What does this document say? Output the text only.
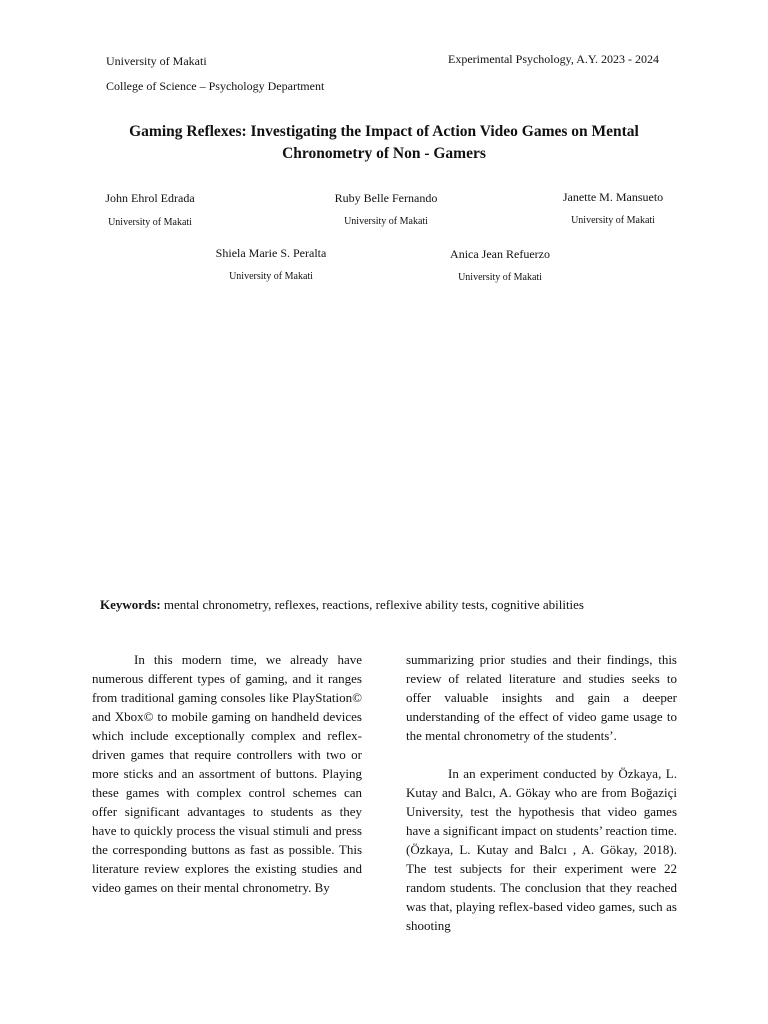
University of Makati
College of Science – Psychology Department
Experimental Psychology, A.Y. 2023 - 2024
Gaming Reflexes: Investigating the Impact of Action Video Games on Mental
Chronometry of Non - Gamers
John Ehrol Edrada
University of Makati
Ruby Belle Fernando
University of Makati
Janette M. Mansueto
University of Makati
Shiela Marie S. Peralta
University of Makati
Anica Jean Refuerzo
University of Makati
Keywords: mental chronometry, reflexes, reactions, reflexive ability tests, cognitive abilities

In this modern time, we already have numerous different types of gaming, and it ranges from traditional gaming consoles like PlayStation© and Xbox© to mobile gaming on handheld devices which include exceptionally complex and reflex-driven games that require controllers with two or more sticks and an assortment of buttons. Playing these games with complex control schemes can offer significant advantages to students as they have to quickly process the visual stimuli and press the corresponding buttons as fast as possible. This literature review explores the existing studies and video games on their mental chronometry. By

summarizing prior studies and their findings, this review of related literature and studies seeks to offer valuable insights and gain a deeper understanding of the effect of video game usage to the mental chronometry of the students’.

In an experiment conducted by Özkaya, L. Kutay and Balcı, A. Gökay who are from Boğaziçi University, test the hypothesis that video games have a significant impact on students’ reaction time. (Özkaya, L. Kutay and Balcı , A. Gökay, 2018). The test subjects for their experiment were 22 random students. The conclusion that they reached was that, playing reflex-based video games, such as shooting
